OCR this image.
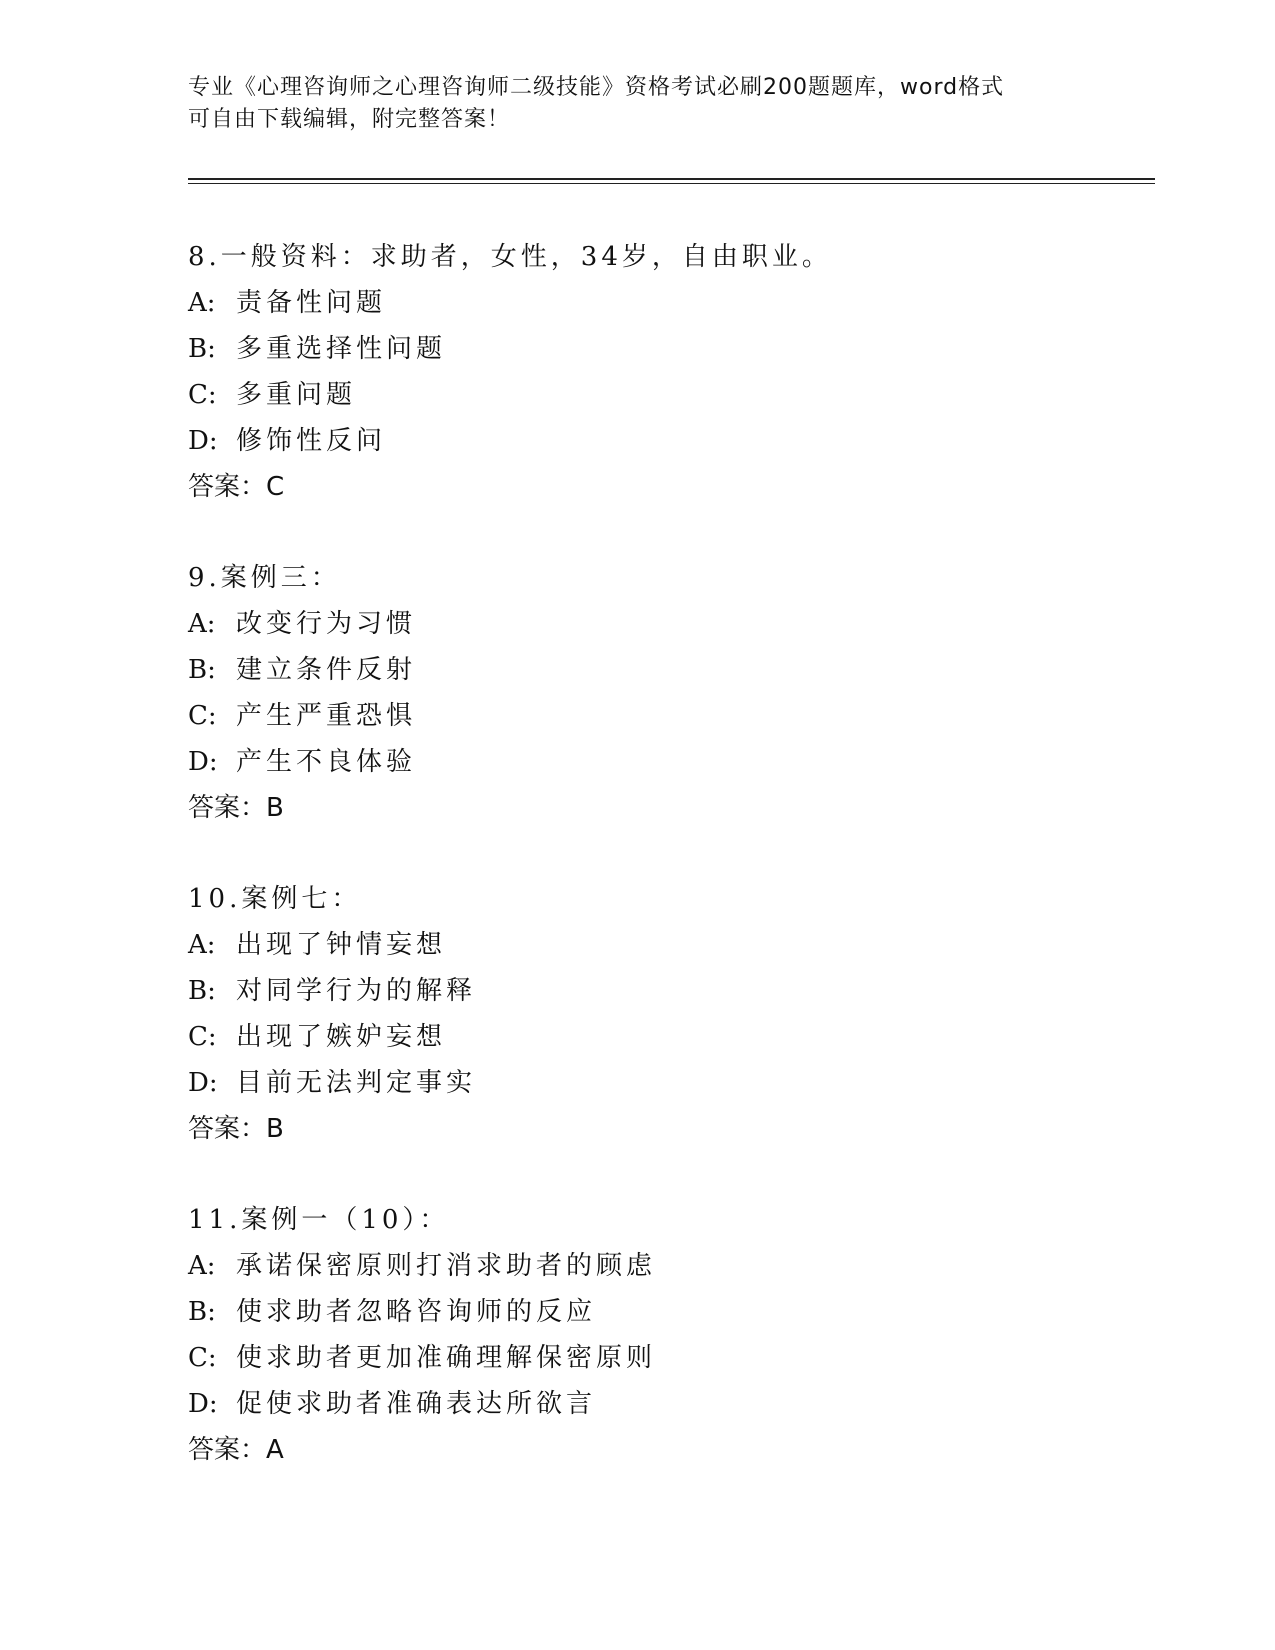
专业《心理咨询师之心理咨询师二级技能》资格考试必刷200题题库，word格式
可自由下载编辑，附完整答案！
8.一般资料：求助者，女性，34岁，自由职业。
A: 责备性问题
B: 多重选择性问题
C: 多重问题
D: 修饰性反问
答案：C
9.案例三：
A: 改变行为习惯
B: 建立条件反射
C: 产生严重恐惧
D: 产生不良体验
答案：B
10.案例七：
A: 出现了钟情妄想
B: 对同学行为的解释
C: 出现了嫉妒妄想
D: 目前无法判定事实
答案：B
11.案例一（10）：
A: 承诺保密原则打消求助者的顾虑
B: 使求助者忽略咨询师的反应
C: 使求助者更加准确理解保密原则
D: 促使求助者准确表达所欲言
答案：A
